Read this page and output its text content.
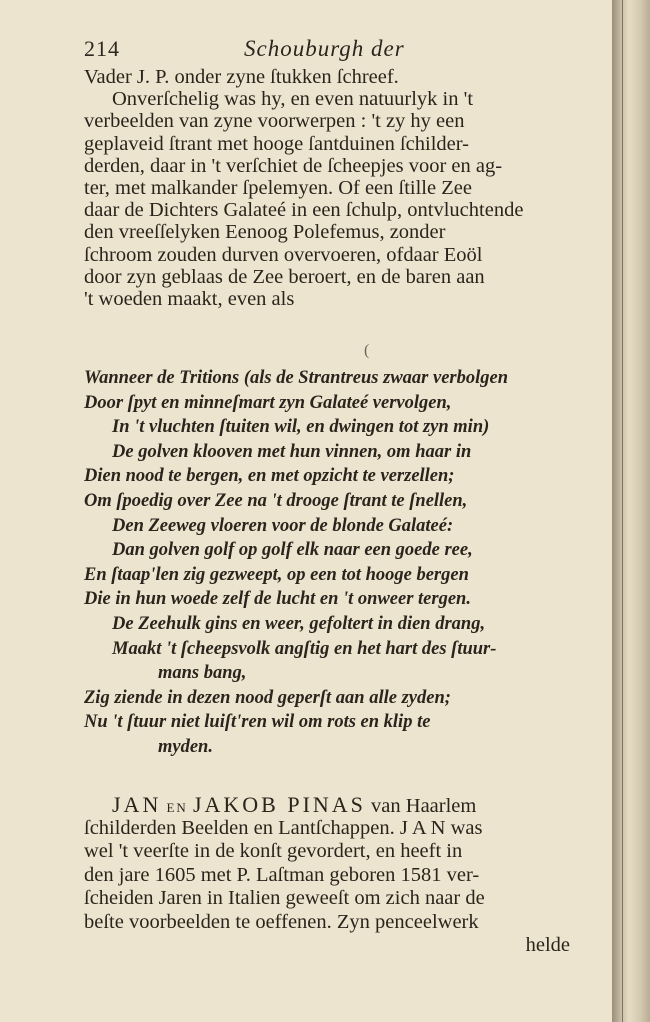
214	Schouburgh der
Vader J. P. onder zyne ſtukken ſchreef.
Onverſchelig was hy, en even natuurlyk in 't
verbeelden van zyne voorwerpen : 't zy hy een
geplaveid ſtrant met hooge ſantduinen ſchilder-
derden, daar in 't verſchiet de ſcheepjes voor en ag-
ter, met malkander ſpelemyen. Of een ſtille Zee
daar de Dichters Galateé in een ſchulp, ontvluchtende
den vreeſſelyken Eenoog Polefemus, zonder
ſchroom zouden durven overvoeren, ofdaar Eoöl
door zyn geblaas de Zee beroert, en de baren aan
't woeden maakt, even als
(
Wanneer de Tritions (als de Strantreus zwaar verbolgen
Door ſpyt en minneſmart zyn Galateé vervolgen,
In 't vluchten ſtuiten wil, en dwingen tot zyn min)
De golven klooven met hun vinnen, om haar in
Dien nood te bergen, en met opzicht te verzellen;
Om ſpoedig over Zee na 't drooge ſtrant te ſnellen,
Den Zeeweg vloeren voor de blonde Galateé:
Dan golven golf op golf elk naar een goede ree,
En ſtaap'len zig gezweept, op een tot hooge bergen
Die in hun woede zelf de lucht en 't onweer tergen.
De Zeehulk gins en weer, gefoltert in dien drang,
Maakt 't ſcheepsvolk angſtig en het hart des ſtuur-
mans bang,
Zig ziende in dezen nood geperſt aan alle zyden;
Nu 't ſtuur niet luiſt'ren wil om rots en klip te
myden.
JAN EN JAKOB PINAS van Haarlem
ſchilderden Beelden en Lantſchappen. J A N was
wel 't veerſte in de konſt gevordert, en heeft in
den jare 1605 met P. Laſtman geboren 1581 ver-
ſcheiden Jaren in Italien geweeſt om zich naar de
beſte voorbeelden te oeffenen. Zyn penceelwerk
helde
